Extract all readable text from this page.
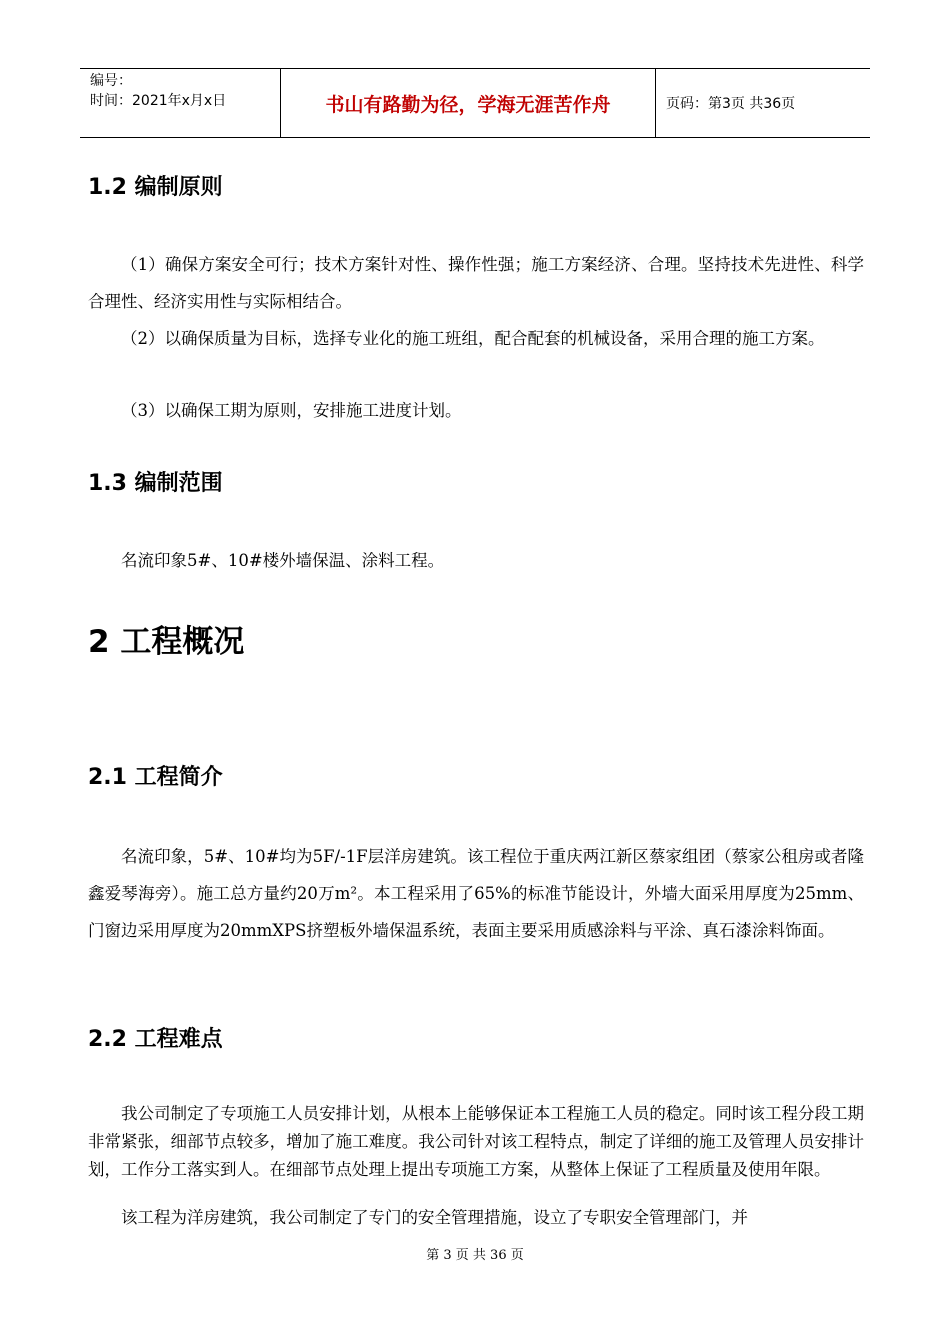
编号：
时间：2021年x月x日	书山有路勤为径，学海无涯苦作舟	页码：第3页 共36页
1.2 编制原则
（1）确保方案安全可行；技术方案针对性、操作性强；施工方案经济、合理。坚持技术先进性、科学合理性、经济实用性与实际相结合。
（2）以确保质量为目标，选择专业化的施工班组，配合配套的机械设备，采用合理的施工方案。
（3）以确保工期为原则，安排施工进度计划。
1.3 编制范围
名流印象5#、10#楼外墙保温、涂料工程。
2 工程概况
2.1 工程简介
名流印象，5#、10#均为5F/-1F层洋房建筑。该工程位于重庆两江新区蔡家组团（蔡家公租房或者隆鑫爱琴海旁）。施工总方量约20万m²。本工程采用了65%的标准节能设计，外墙大面采用厚度为25mm、门窗边采用厚度为20mmXPS挤塑板外墙保温系统，表面主要采用质感涂料与平涂、真石漆涂料饰面。
2.2 工程难点
我公司制定了专项施工人员安排计划，从根本上能够保证本工程施工人员的稳定。同时该工程分段工期非常紧张，细部节点较多，增加了施工难度。我公司针对该工程特点，制定了详细的施工及管理人员安排计划，工作分工落实到人。在细部节点处理上提出专项施工方案，从整体上保证了工程质量及使用年限。
该工程为洋房建筑，我公司制定了专门的安全管理措施，设立了专职安全管理部门，并
第 3 页 共 36 页
